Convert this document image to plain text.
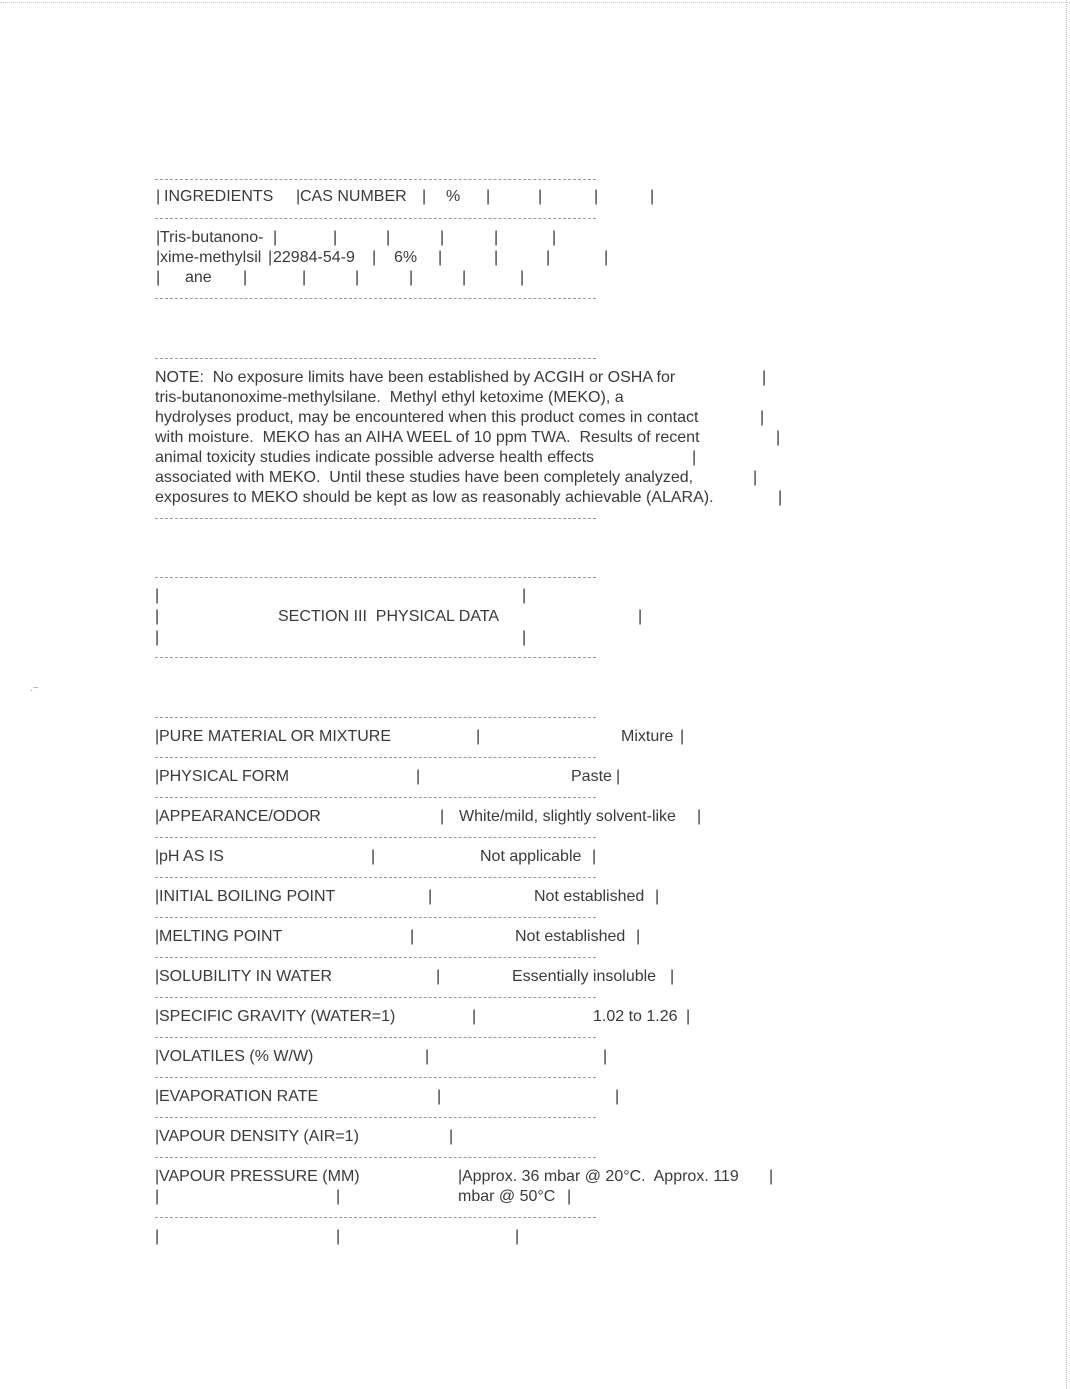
.~
| INGREDIENTS | CAS NUMBER | % |	|	|	|
| Tris-butanono- |	|	|	|	|	|
| xime-methylsil | 22984-54-9 | 6% |	|	|	|
| ane |	|	|	|	|	|
NOTE:  No exposure limits have been established by ACGIH or OSHA for	|
tris-butanonoxime-methylsilane.  Methyl ethyl ketoxime (MEKO), a
hydrolyses product, may be encountered when this product comes in contact	|
with moisture.  MEKO has an AIHA WEEL of 10 ppm TWA.  Results of recent	|
animal toxicity studies indicate possible adverse health effects	|
associated with MEKO.  Until these studies have been completely analyzed,	|
exposures to MEKO should be kept as low as reasonably achievable (ALARA).	|
|	|
|	SECTION III  PHYSICAL DATA	|
|	|
| PURE MATERIAL OR MIXTURE	|	Mixture |
| PHYSICAL FORM	|	Paste |
| APPEARANCE/ODOR	| White/mild, slightly solvent-like |
| pH AS IS	|	Not applicable |
| INITIAL BOILING POINT	|	Not established |
| MELTING POINT	|	Not established |
| SOLUBILITY IN WATER	|	Essentially insoluble |
| SPECIFIC GRAVITY (WATER=1)	|	1.02 to 1.26 |
| VOLATILES (% W/W)	|	|
| EVAPORATION RATE	|	|
| VAPOUR DENSITY (AIR=1)	|
| VAPOUR PRESSURE (MM)	| Approx. 36 mbar @ 20°C.  Approx. 119 |
|	|	mbar @ 50°C |
|	|	|
